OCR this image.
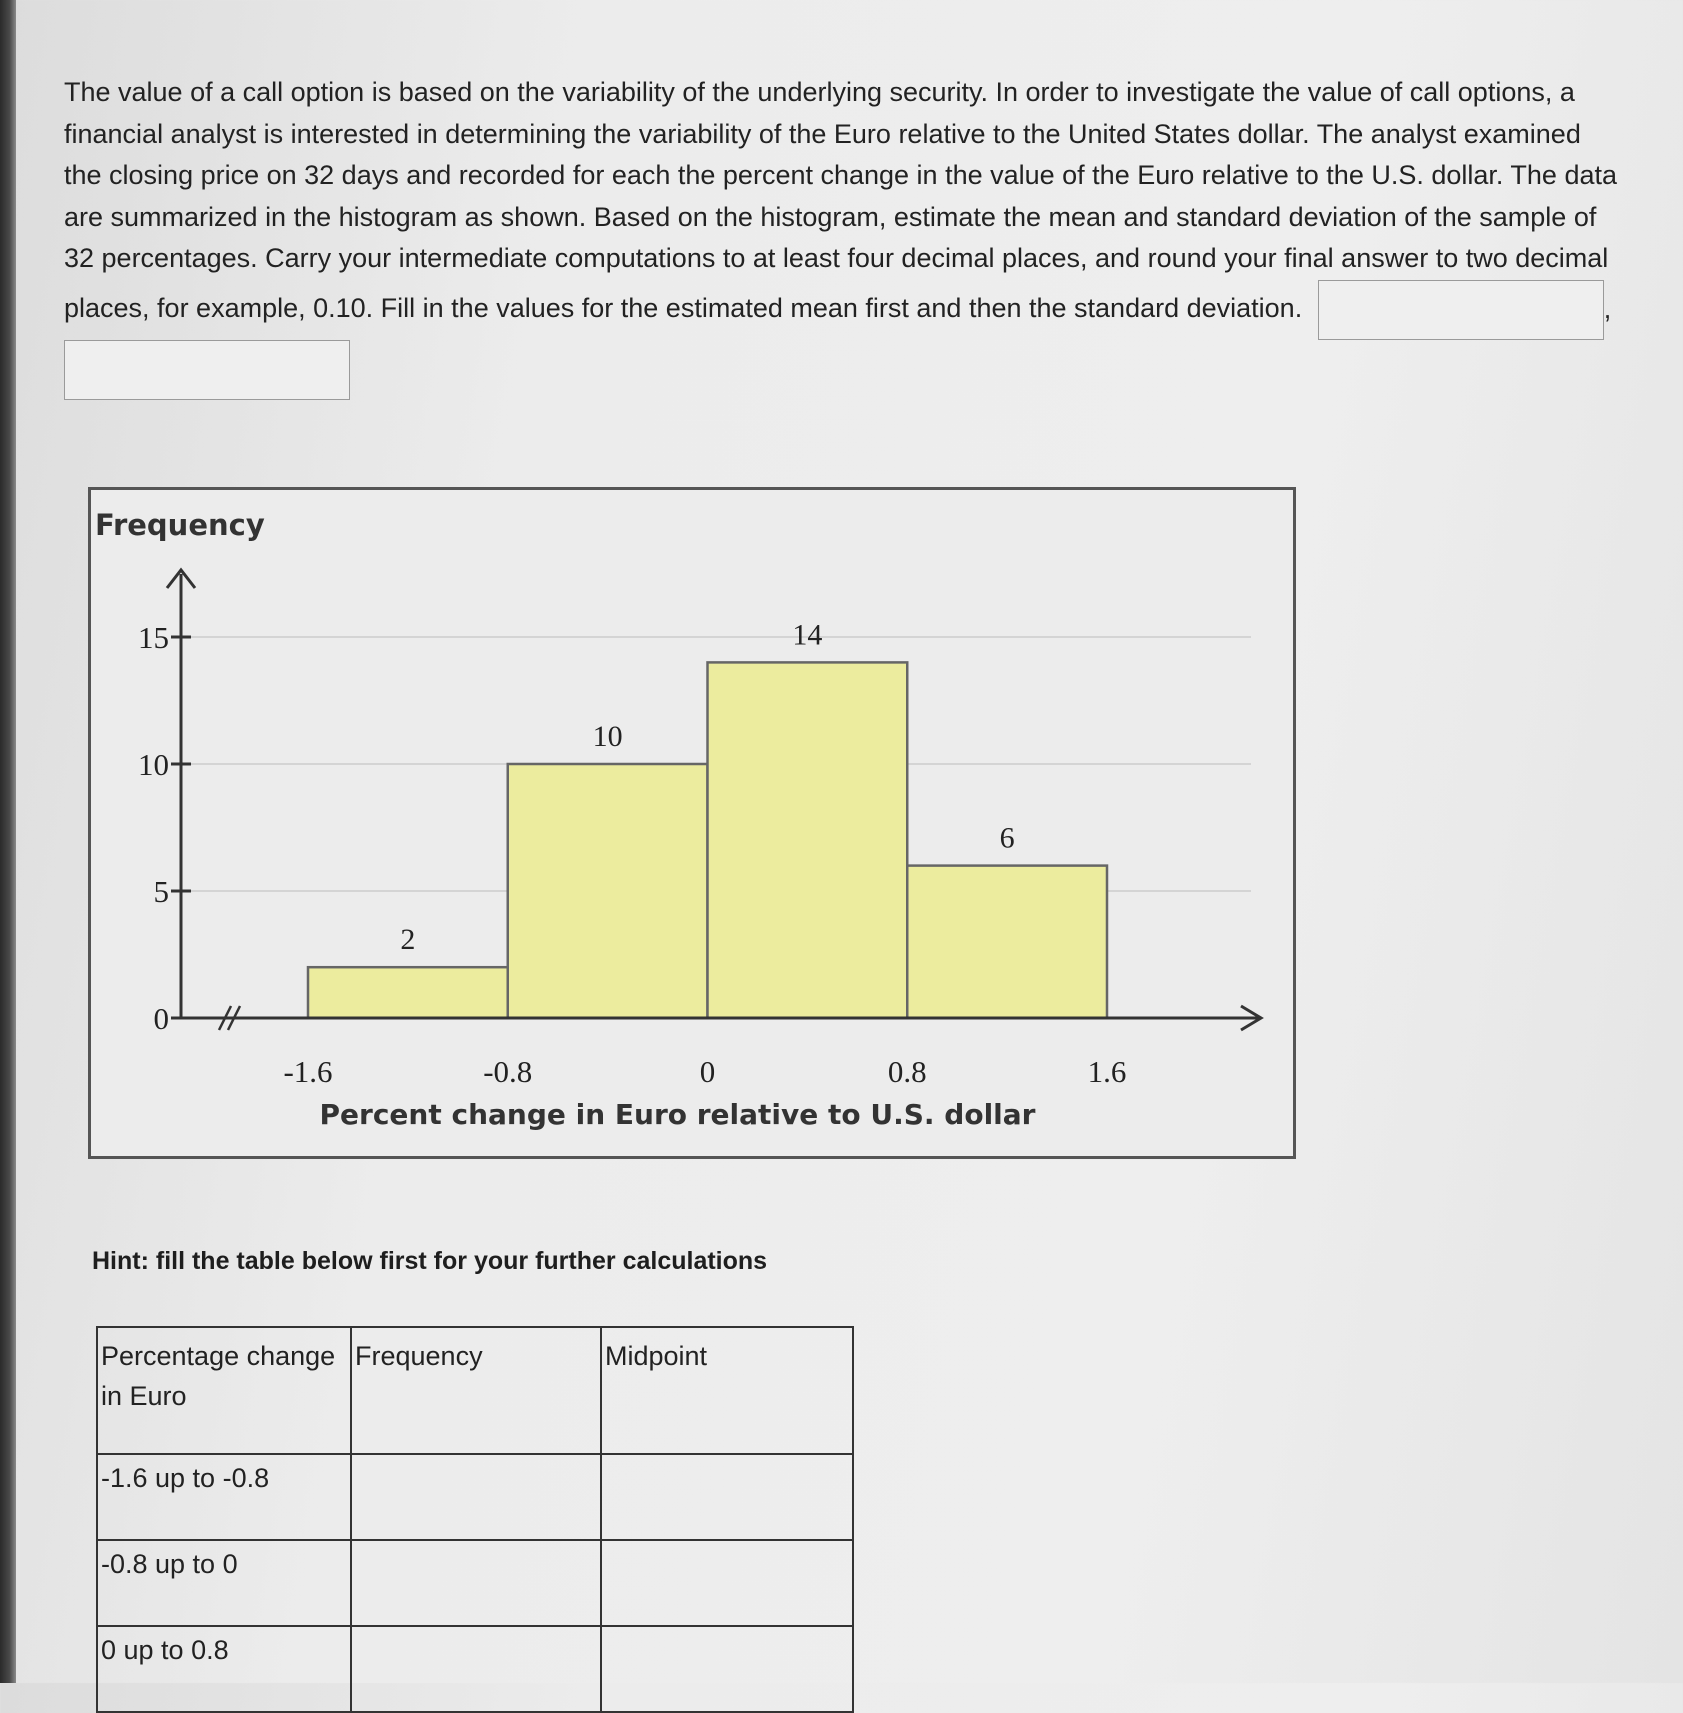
The value of a call option is based on the variability of the underlying security. In order to investigate the value of call options, a financial analyst is interested in determining the variability of the Euro relative to the United States dollar. The analyst examined the closing price on 32 days and recorded for each the percent change in the value of the Euro relative to the U.S. dollar. The data are summarized in the histogram as shown. Based on the histogram, estimate the mean and standard deviation of the sample of 32 percentages. Carry your intermediate computations to at least four decimal places, and round your final answer to two decimal places, for example, 0.10. Fill in the values for the estimated mean first and then the standard deviation.	,
2
10
14
6
0
5
10
15
-1.6	-0.8	0	0.8	1.6
Frequency
Percent change in Euro relative to U.S. dollar
Hint: fill the table below first for your further calculations
Percentage change in Euro	Frequency	Midpoint
-1.6 up to -0.8		
-0.8 up to 0		
0 up to 0.8		
